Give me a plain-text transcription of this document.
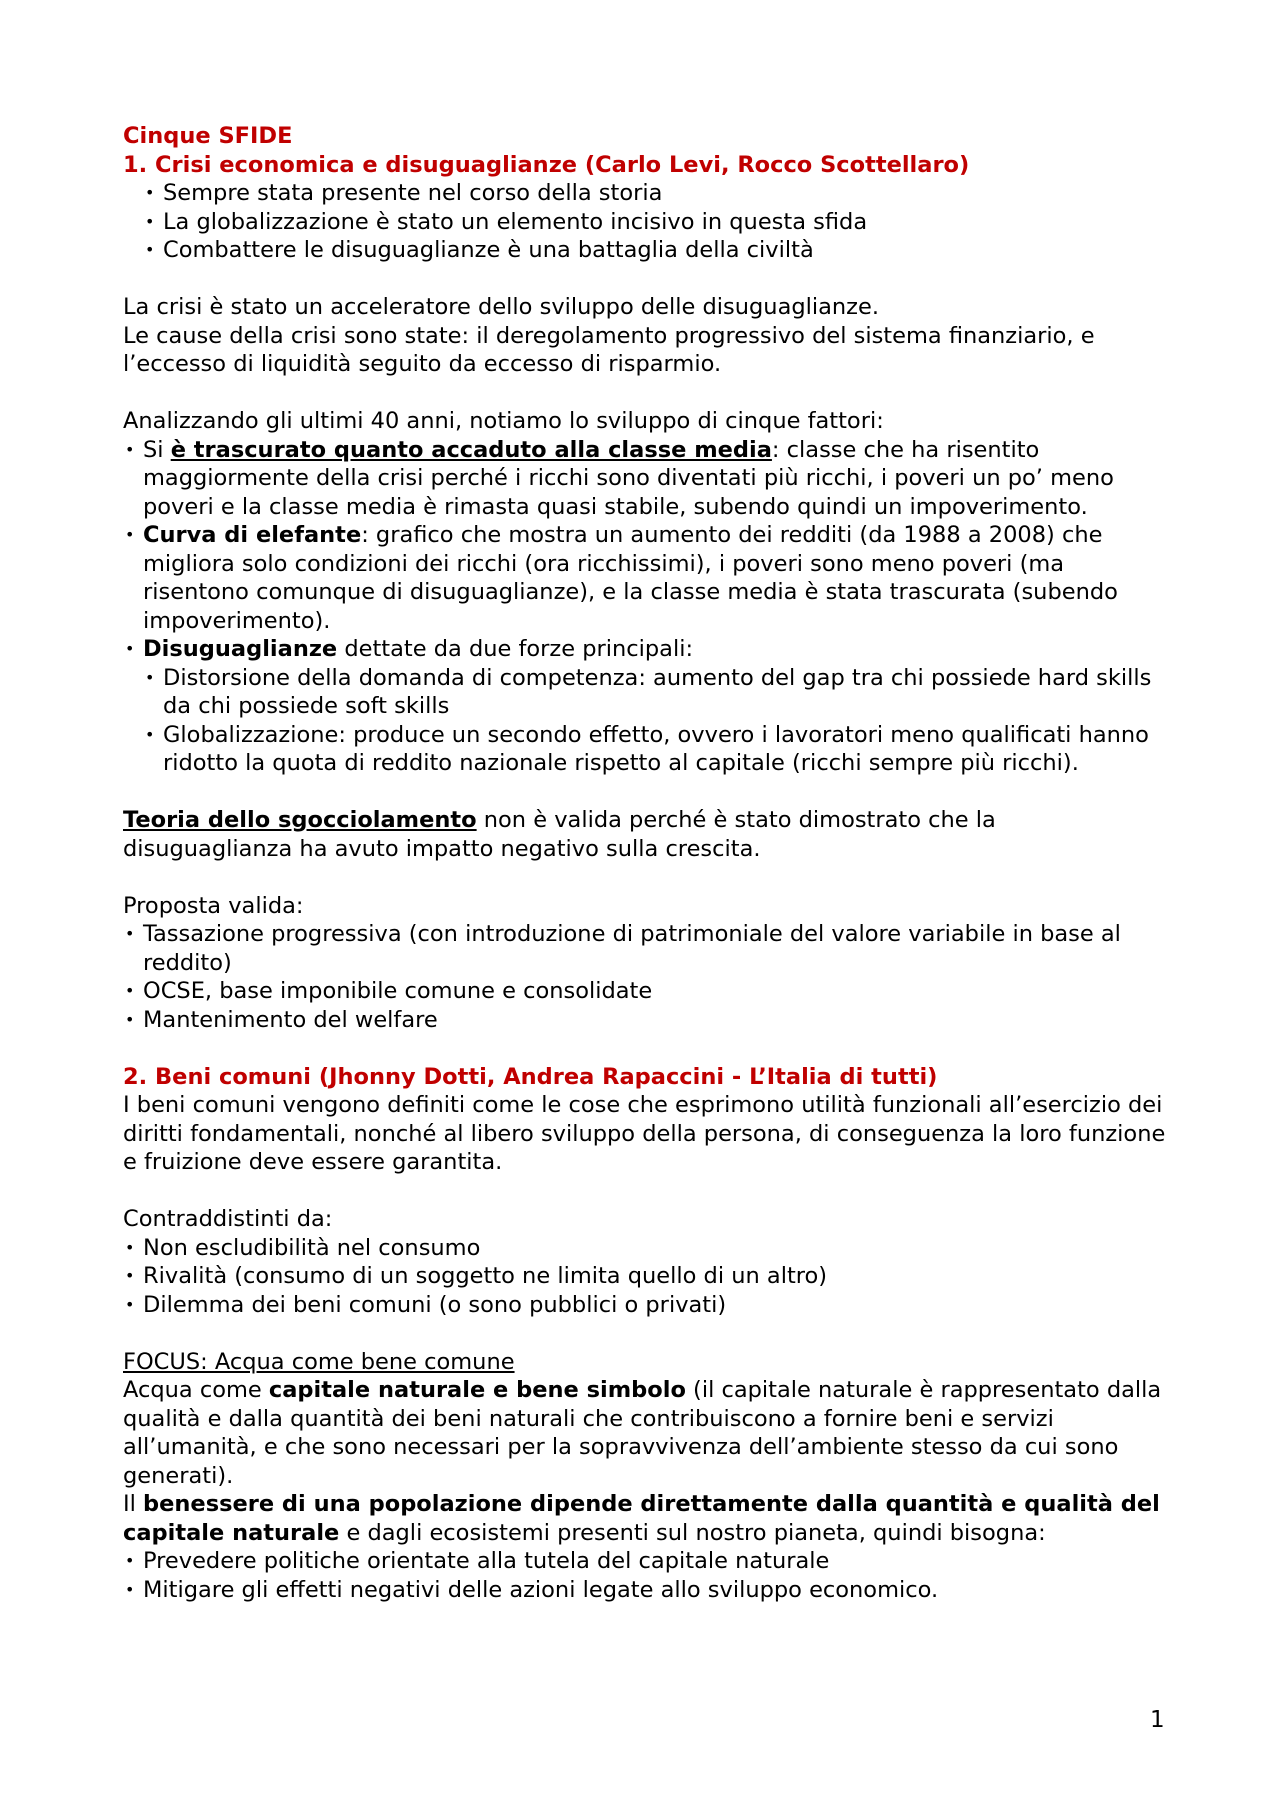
Cinque SFIDE

1. Crisi economica e disuguaglianze (Carlo Levi, Rocco Scottellaro)

• Sempre stata presente nel corso della storia
• La globalizzazione è stato un elemento incisivo in questa sfida
• Combattere le disuguaglianze è una battaglia della civiltà

La crisi è stato un acceleratore dello sviluppo delle disuguaglianze.

Le cause della crisi sono state: il deregolamento progressivo del sistema finanziario, e l’eccesso di liquidità seguito da eccesso di risparmio.

Analizzando gli ultimi 40 anni, notiamo lo sviluppo di cinque fattori:

• Si è trascurato quanto accaduto alla classe media: classe che ha risentito maggiormente della crisi perché i ricchi sono diventati più ricchi, i poveri un po’ meno poveri e la classe media è rimasta quasi stabile, subendo quindi un impoverimento.
• Curva di elefante: grafico che mostra un aumento dei redditi (da 1988 a 2008) che migliora solo condizioni dei ricchi (ora ricchissimi), i poveri sono meno poveri (ma risentono comunque di disuguaglianze), e la classe media è stata trascurata (subendo impoverimento).
• Disuguaglianze dettate da due forze principali:
• Distorsione della domanda di competenza: aumento del gap tra chi possiede hard skills da chi possiede soft skills
• Globalizzazione: produce un secondo effetto, ovvero i lavoratori meno qualificati hanno ridotto la quota di reddito nazionale rispetto al capitale (ricchi sempre più ricchi).

Teoria dello sgocciolamento non è valida perché è stato dimostrato che la disuguaglianza ha avuto impatto negativo sulla crescita.

Proposta valida:

• Tassazione progressiva (con introduzione di patrimoniale del valore variabile in base al reddito)
• OCSE, base imponibile comune e consolidate
• Mantenimento del welfare

2. Beni comuni (Jhonny Dotti, Andrea Rapaccini - L’Italia di tutti)

I beni comuni vengono definiti come le cose che esprimono utilità funzionali all’esercizio dei diritti fondamentali, nonché al libero sviluppo della persona, di conseguenza la loro funzione e fruizione deve essere garantita.

Contraddistinti da:

• Non escludibilità nel consumo
• Rivalità (consumo di un soggetto ne limita quello di un altro)
• Dilemma dei beni comuni (o sono pubblici o privati)

FOCUS: Acqua come bene comune

Acqua come capitale naturale e bene simbolo (il capitale naturale è rappresentato dalla qualità e dalla quantità dei beni naturali che contribuiscono a fornire beni e servizi all’umanità, e che sono necessari per la sopravvivenza dell’ambiente stesso da cui sono generati).

Il benessere di una popolazione dipende direttamente dalla quantità e qualità del capitale naturale e dagli ecosistemi presenti sul nostro pianeta, quindi bisogna:

• Prevedere politiche orientate alla tutela del capitale naturale
• Mitigare gli effetti negativi delle azioni legate allo sviluppo economico.
1
